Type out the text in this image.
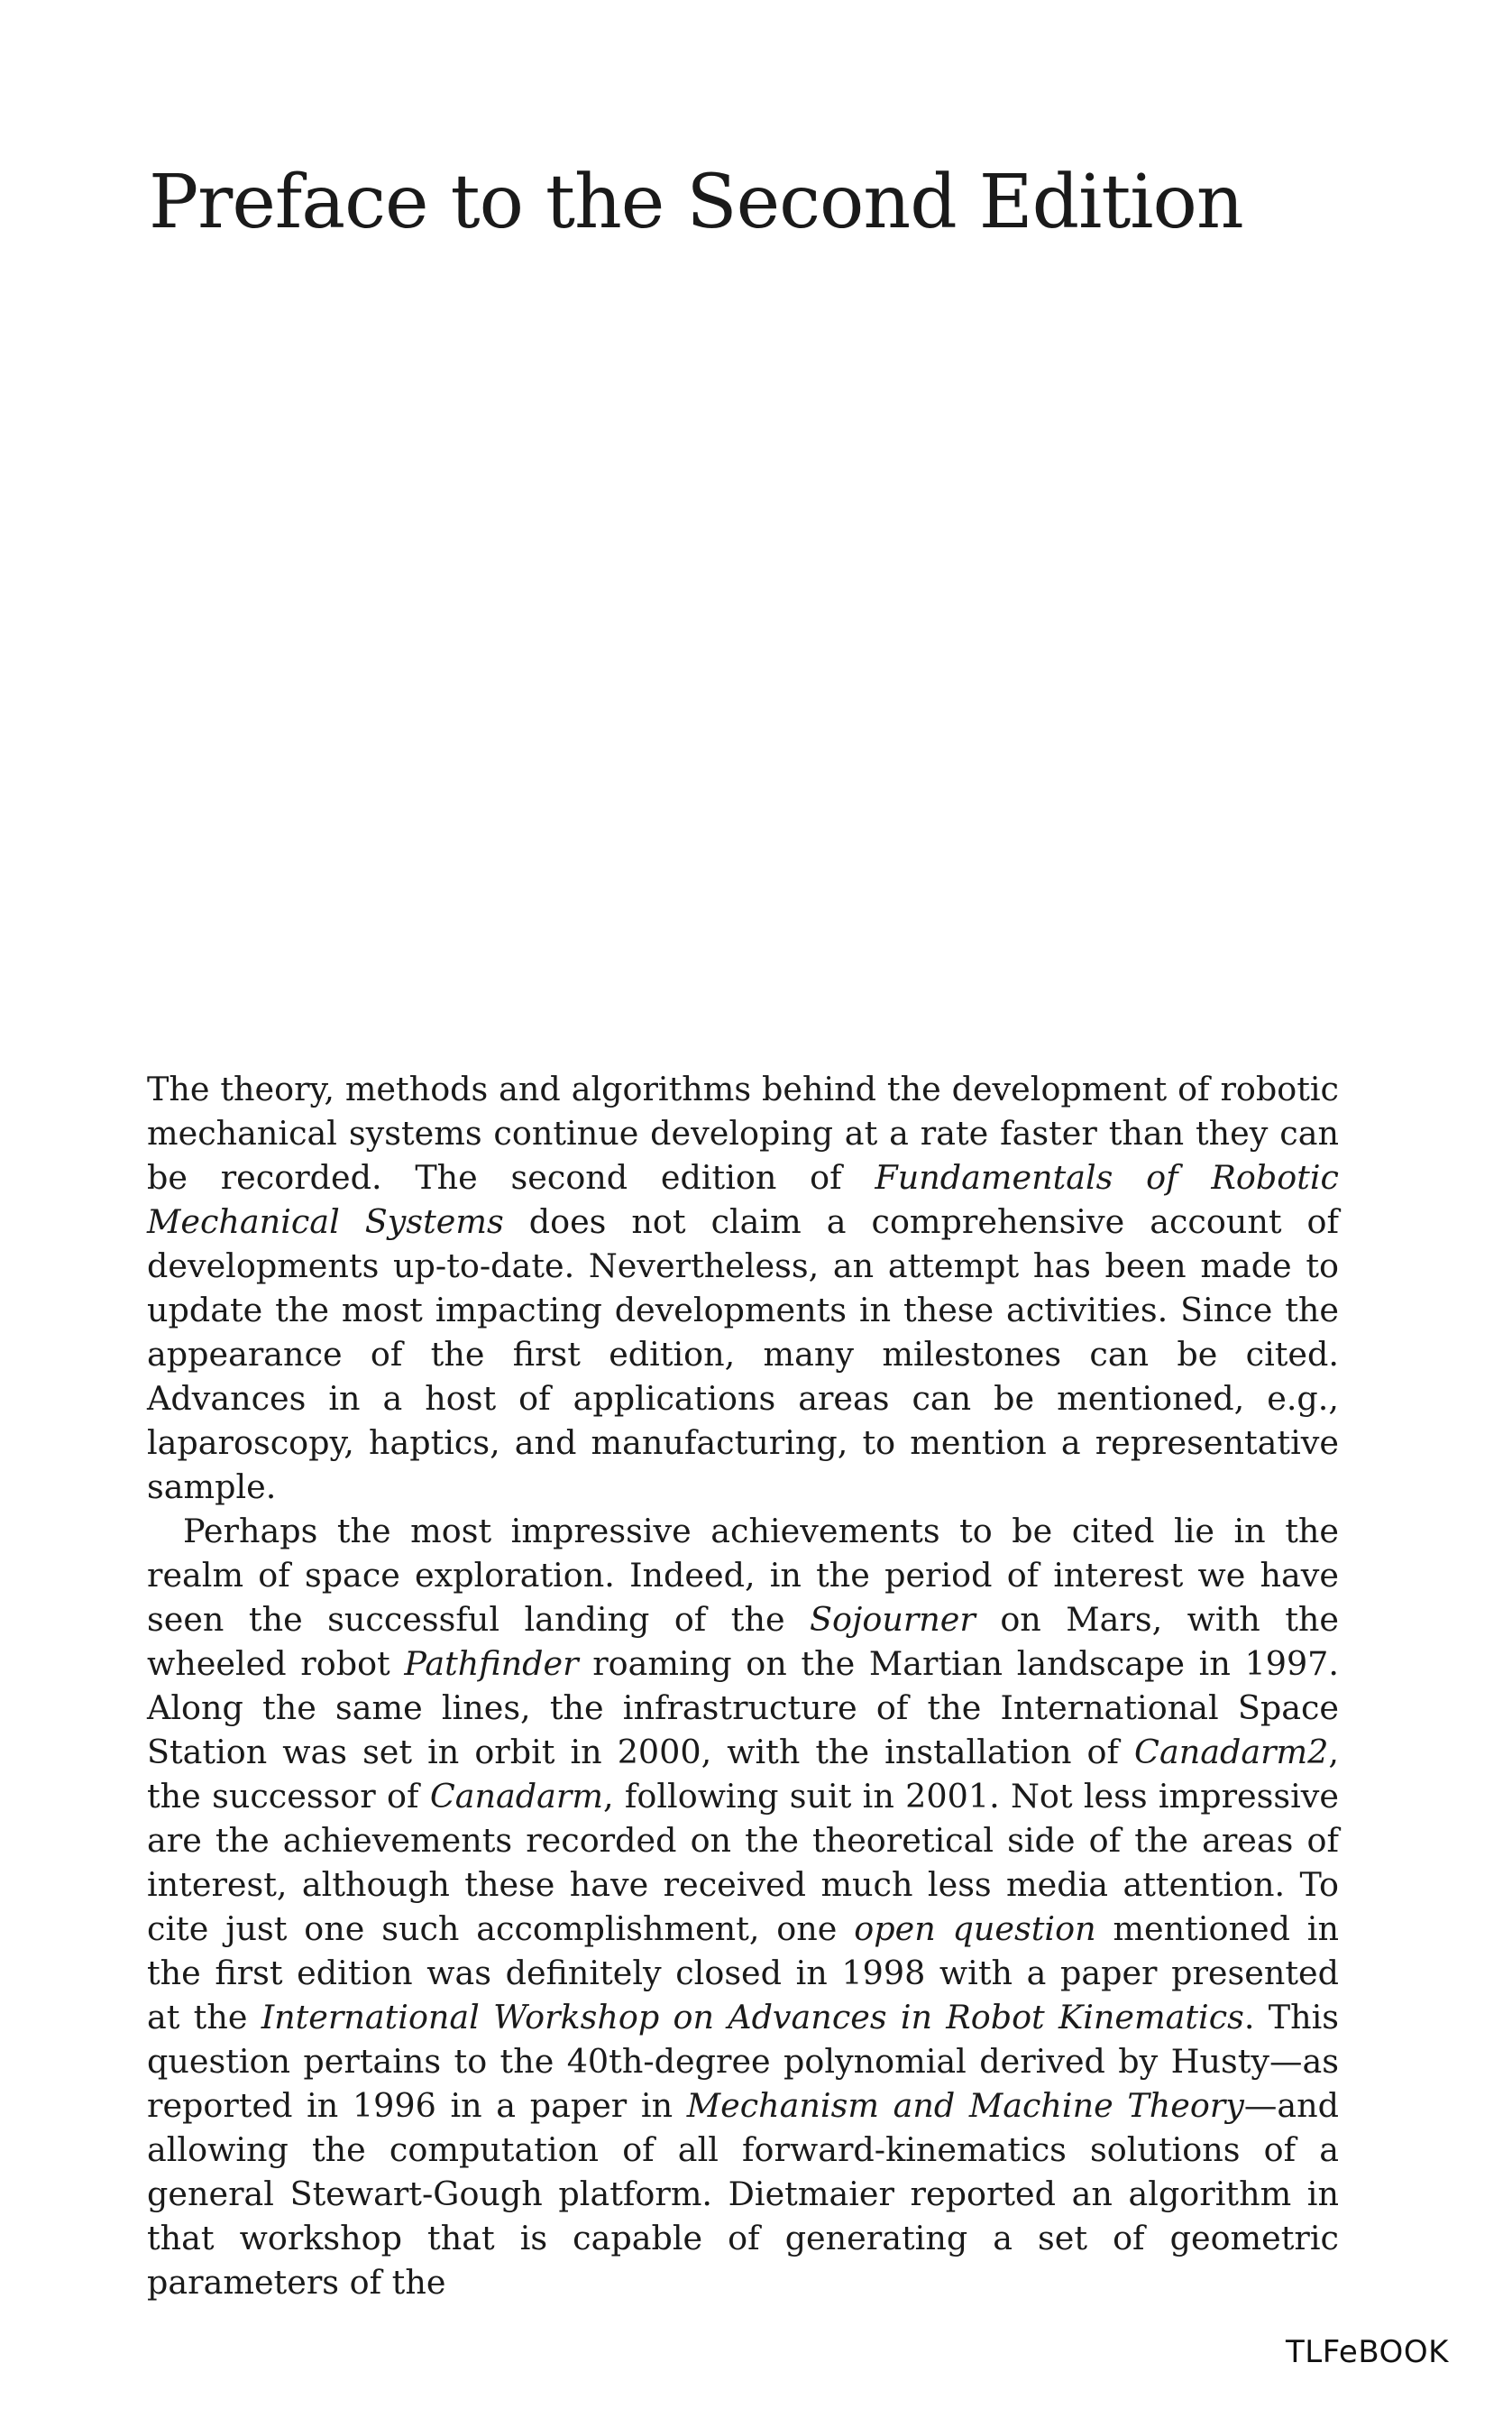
Preface to the Second Edition

The theory, methods and algorithms behind the development of robotic mechanical systems continue developing at a rate faster than they can be recorded. The second edition of Fundamentals of Robotic Mechanical Systems does not claim a comprehensive account of developments up-to-date. Nevertheless, an attempt has been made to update the most impacting developments in these activities. Since the appearance of the first edition, many milestones can be cited. Advances in a host of applications areas can be mentioned, e.g., laparoscopy, haptics, and manufacturing, to mention a representative sample.

Perhaps the most impressive achievements to be cited lie in the realm of space exploration. Indeed, in the period of interest we have seen the successful landing of the Sojourner on Mars, with the wheeled robot Pathfinder roaming on the Martian landscape in 1997. Along the same lines, the infrastructure of the International Space Station was set in orbit in 2000, with the installation of Canadarm2, the successor of Canadarm, following suit in 2001. Not less impressive are the achievements recorded on the theoretical side of the areas of interest, although these have received much less media attention. To cite just one such accomplishment, one open question mentioned in the first edition was definitely closed in 1998 with a paper presented at the International Workshop on Advances in Robot Kinematics. This question pertains to the 40th-degree polynomial derived by Husty—as reported in 1996 in a paper in Mechanism and Machine Theory—and allowing the computation of all forward-kinematics solutions of a general Stewart-Gough platform. Dietmaier reported an algorithm in that workshop that is capable of generating a set of geometric parameters of the

TLFeBOOK
